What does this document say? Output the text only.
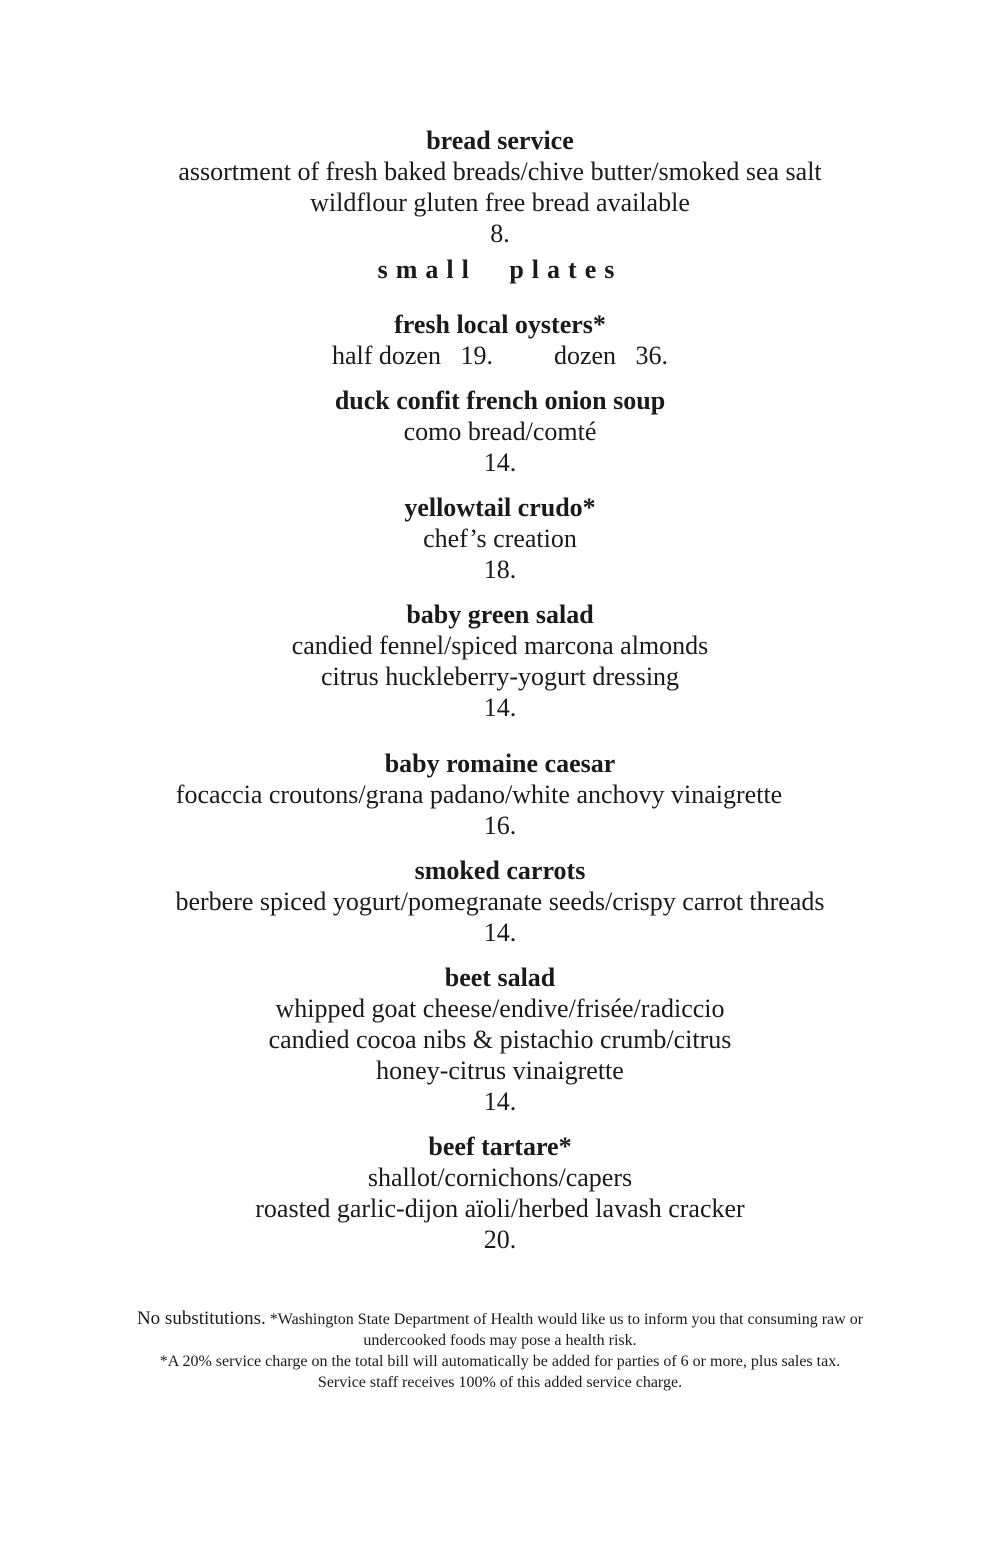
bread service
assortment of fresh baked breads/chive butter/smoked sea salt
wildflour gluten free bread available
8.
small plates
fresh local oysters*
half dozen 19. dozen 36.
duck confit french onion soup
como bread/comté
14.
yellowtail crudo*
chef’s creation
18.
baby green salad
candied fennel/spiced marcona almonds
citrus huckleberry-yogurt dressing
14.
baby romaine caesar
focaccia croutons/grana padano/white anchovy vinaigrette
16.
smoked carrots
berbere spiced yogurt/pomegranate seeds/crispy carrot threads
14.
beet salad
whipped goat cheese/endive/frisée/radiccio
candied cocoa nibs & pistachio crumb/citrus
honey-citrus vinaigrette
14.
beef tartare*
shallot/cornichons/capers
roasted garlic-dijon aïoli/herbed lavash cracker
20.
No substitutions. *Washington State Department of Health would like us to inform you that consuming raw or
undercooked foods may pose a health risk.
*A 20% service charge on the total bill will automatically be added for parties of 6 or more, plus sales tax.
Service staff receives 100% of this added service charge.
